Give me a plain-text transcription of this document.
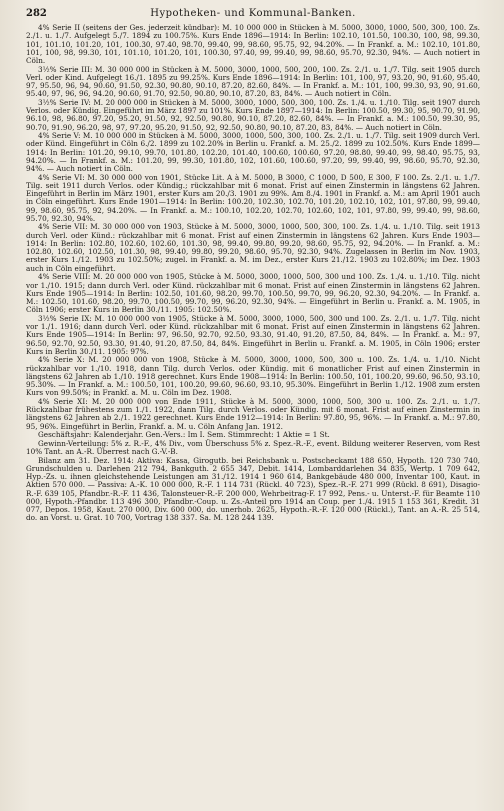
282	Hypotheken- und Kommunal-Banken.

4% Serie II (seitens der Ges. jederzeit kündbar): M. 10 000 000 in Stücken à M. 5000, 3000, 1000, 500, 300, 100. Zs. 2./1. u. 1./7. Aufgelegt 5./7. 1894 zu 100.75%. Kurs Ende 1896—1914: In Berlin: 102.10, 101.50, 100.30, 100, 98, 99.30, 101, 101.10, 101.20, 101, 100.30, 97.40, 98.70, 99.40, 99, 98.60, 95.75, 92, 94.20%. — In Frankf. a. M.: 102.10, 101.80, 101, 100, 98, 99.30, 101, 101.10, 101.20, 101, 100.30, 97.40, 99, 99.40, 99, 98.60, 95.70, 92.30, 94%. — Auch notiert in Cöln.

3½% Serie III: M. 30 000 000 in Stücken à M. 5000, 3000, 1000, 500, 200, 100. Zs. 2./1. u. 1./7. Tilg. seit 1905 durch Verl. oder Kind. Aufgelegt 16./1. 1895 zu 99.25%. Kurs Ende 1896—1914: In Berlin: 101, 100, 97, 93.20, 90, 91.60, 95.40, 97, 95.50, 96, 94, 90.60, 91.50, 92.30, 90.80, 90.10, 87.20, 82.60, 84%. — In Frankf. a. M.: 101, 100, 99.30, 93, 90, 91.60, 95.40, 97, 96, 96, 94.20, 90.60, 91.70, 92.50, 90.80, 90.10, 87.20, 83, 84%. — Auch notiert in Cöln.

3½% Serie IV: M. 20 000 000 in Stücken à M. 5000, 3000, 1000, 500, 300, 100. Zs. 1./4. u. 1./10. Tilg. seit 1907 durch Verlos. oder Kündig. Eingeführt im März 1897 zu 101%. Kurs Ende 1897—1914: In Berlin: 100.50, 99.30, 95, 90.70, 91.90, 96.10, 98, 96.80, 97.20, 95.20, 91.50, 92, 92.50, 90.80, 90.10, 87.20, 82.60, 84%. — In Frankf. a. M.: 100.50, 99.30, 95, 90.70, 91.90, 96.20, 98, 97, 97.20, 95.20, 91.50, 92, 92.50, 90.80, 90.10, 87.20, 83, 84%. — Auch notiert in Cöln.

4% Serie V: M. 10 000 000 in Stücken à M. 5000, 3000, 1000, 500, 300, 100. Zs. 2./1. u. 1./7. Tilg. seit 1909 durch Verl. oder Künd. Eingeführt in Cöln 6./2. 1899 zu 102.20% in Berlin u. Frankf. a. M. 25./2. 1899 zu 102.50%. Kurs Ende 1899—1914: In Berlin: 101.20, 99.10, 99.70, 101.80, 102.20, 101.40, 100.60, 100.60, 97.20, 98.80, 99.40, 99, 98.40, 95.75, 93, 94.20%. — In Frankf. a. M.: 101.20, 99, 99.30, 101.80, 102, 101.60, 100.60, 97.20, 99, 99.40, 99, 98.60, 95.70, 92.30, 94%. — Auch notiert in Cöln.

4% Serie VI: M. 30 000 000 von 1901, Stücke Lit. A à M. 5000, B 3000, C 1000, D 500, E 300, F 100. Zs. 2./1. u. 1./7. Tilg. seit 1911 durch Verlos. oder Kündig.; rückzahlbar mit 6 monat. Frist auf einen Zinstermin in längstens 62 Jahren. Eingeführt in Berlin im März 1901, erster Kurs am 20./3. 1901 zu 99%. Am 8./4. 1901 in Frankf. a. M.: am April 1901 auch in Cöln eingeführt. Kurs Ende 1901—1914: In Berlin: 100.20, 102.30, 102.70, 101.20, 102.10, 102, 101, 97.80, 99, 99.40, 99, 98.60, 95.75, 92, 94.20%. — In Frankf. a. M.: 100.10, 102.20, 102.70, 102.60, 102, 101, 97.80, 99, 99.40, 99, 98.60, 95.70, 92.30, 94%.

4% Serie VII: M. 30 000 000 von 1903, Stücke à M. 5000, 3000, 1000, 500, 300, 100. Zs. 1./4. u. 1./10. Tilg. seit 1913 durch Verl. oder Künd.: rückzahlbar mit 6 monat. Frist auf einen Zinstermin in längstens 62 Jahren. Kurs Ende 1903—1914: In Berlin: 102.80, 102.60, 102.60, 101.30, 98, 99.40, 99.80, 99.20, 98.60, 95.75, 92, 94.20%. — In Frankf. a. M.: 102.80, 102.60, 102.50, 101.30, 98, 99.40, 99.80, 99.20, 98.60, 95.70, 92.30, 94%. Zugelassen in Berlin im Nov. 1903, erster Kurs 1./12. 1903 zu 102.50%; zugel. in Frankf. a. M. im Dez., erster Kurs 21./12. 1903 zu 102.80%; im Dez. 1903 auch in Cöln eingeführt.

4% Serie VIII: M. 20 000 000 von 1905, Stücke à M. 5000, 3000, 1000, 500, 300 und 100. Zs. 1./4. u. 1./10. Tilg. nicht vor 1./10. 1915; dann durch Verl. oder Künd. rückzahlbar mit 6 monat. Frist auf einen Zinstermin in längstens 62 Jahren. Kurs Ende 1905—1914: In Berlin: 102.50, 101.60, 98.20, 99.70, 100.50, 99.70, 99, 96.20, 92.30, 94.20%. — In Frankf. a. M.: 102.50, 101.60, 98.20, 99.70, 100.50, 99.70, 99, 96.20, 92.30, 94%. — Eingeführt in Berlin u. Frankf. a. M. 1905, in Cöln 1906; erster Kurs in Berlin 30./11. 1905: 102.50%.

3½% Serie IX: M. 10 000 000 von 1905, Stücke à M. 5000, 3000, 1000, 500, 300 und 100. Zs. 2./1. u. 1./7. Tilg. nicht vor 1./1. 1916; dann durch Verl. oder Künd. rückzahlbar mit 6 monat. Frist auf einen Zinstermin in längstens 62 Jahren. Kurs Ende 1905—1914: In Berlin: 97, 96.50, 92.70, 92.50, 93.30, 91.40, 91.20, 87.50, 84, 84%. — In Frankf. a. M.: 97, 96.50, 92.70, 92.50, 93.30, 91.40, 91.20, 87.50, 84, 84%. Eingeführt in Berlin u. Frankf. a. M. 1905, in Cöln 1906; erster Kurs in Berlin 30./11. 1905: 97%.

4% Serie X: M. 20 000 000 von 1908, Stücke à M. 5000, 3000, 1000, 500, 300 u. 100. Zs. 1./4. u. 1./10. Nicht rückzahlbar vor 1./10. 1918, dann Tilg. durch Verlos. oder Kündig. mit 6 monatlicher Frist auf einen Zinstermin in längstens 62 Jahren ab 1./10. 1918 gerechnet. Kurs Ende 1908—1914: In Berlin: 100.50, 101, 100.20, 99.60, 96.50, 93.10, 95.30%. — In Frankf. a. M.: 100.50, 101, 100.20, 99.60, 96.60, 93.10, 95.30%. Eingeführt in Berlin 1./12. 1908 zum ersten Kurs von 99.50%; in Frankf. a. M. u. Cöln im Dez. 1908.

4% Serie XI: M. 20 000 000 von Ende 1911, Stücke à M. 5000, 3000, 1000, 500, 300 u. 100. Zs. 2./1. u. 1./7. Rückzahlbar frühestens zum 1./1. 1922, dann Tilg. durch Verlos. oder Kündig. mit 6 monat. Frist auf einen Zinstermin in längstens 62 Jahren ab 2./1. 1922 gerechnet. Kurs Ende 1912—1914: In Berlin: 97.80, 95, 96%. — In Frankf. a. M.: 97.80, 95, 96%. Eingeführt in Berlin, Frankf. a. M. u. Cöln Anfang Jan. 1912.

Geschäftsjahr: Kalenderjahr. Gen.-Vers.: Im I. Sem. Stimmrecht: 1 Aktie = 1 St.

Gewinn-Verteilung: 5% z. R.-F., 4% Div., vom Überschuss 5% z. Spez.-R.-F., event. Bildung weiterer Reserven, vom Rest 10% Tant. an A.-R. Überrest nach G.-V.-B.

Bilanz am 31. Dez. 1914: Aktiva: Kassa, Girogutb. bei Reichsbank u. Postscheckamt 188 650, Hypoth. 120 730 740, Grundschulden u. Darlehen 212 794, Bankguth. 2 655 347, Debit. 1414, Lombarddarlehen 34 835, Wertp. 1 709 642, Hyp.-Zs. u. ihnen gleichstehende Leistungen am 31./12. 1914 1 960 614, Bankgebäude 480 000, Inventar 100, Kaut. in Aktien 570 000. — Passiva: A.-K. 10 000 000, R.-F. 1 114 731 (Rückl. 40 723), Spez.-R.-F. 271 999 (Rückl. 8 691), Disagio-R.-F. 639 105, Pfandbr.-R.-F. 11 436, Talonsteuer-R.-F. 200 000, Wehrbeitrag-F. 17 992, Pens.- u. Unterst.-F. für Beamte 110 000, Hypoth.-Pfandbr. 113 496 300, Pfandbr.-Coup. u. Zs.-Anteil pro 1914 an Coup. per 1./4. 1915 1 153 361, Kredit. 31 077, Depos. 1958, Kaut. 270 000, Div. 600 000, do. unerhob. 2625, Hypoth.-R.-F. 120 000 (Rückl.), Tant. an A.-R. 25 514, do. an Vorst. u. Grat. 10 700, Vortrag 138 337. Sa. M. 128 244 139.
